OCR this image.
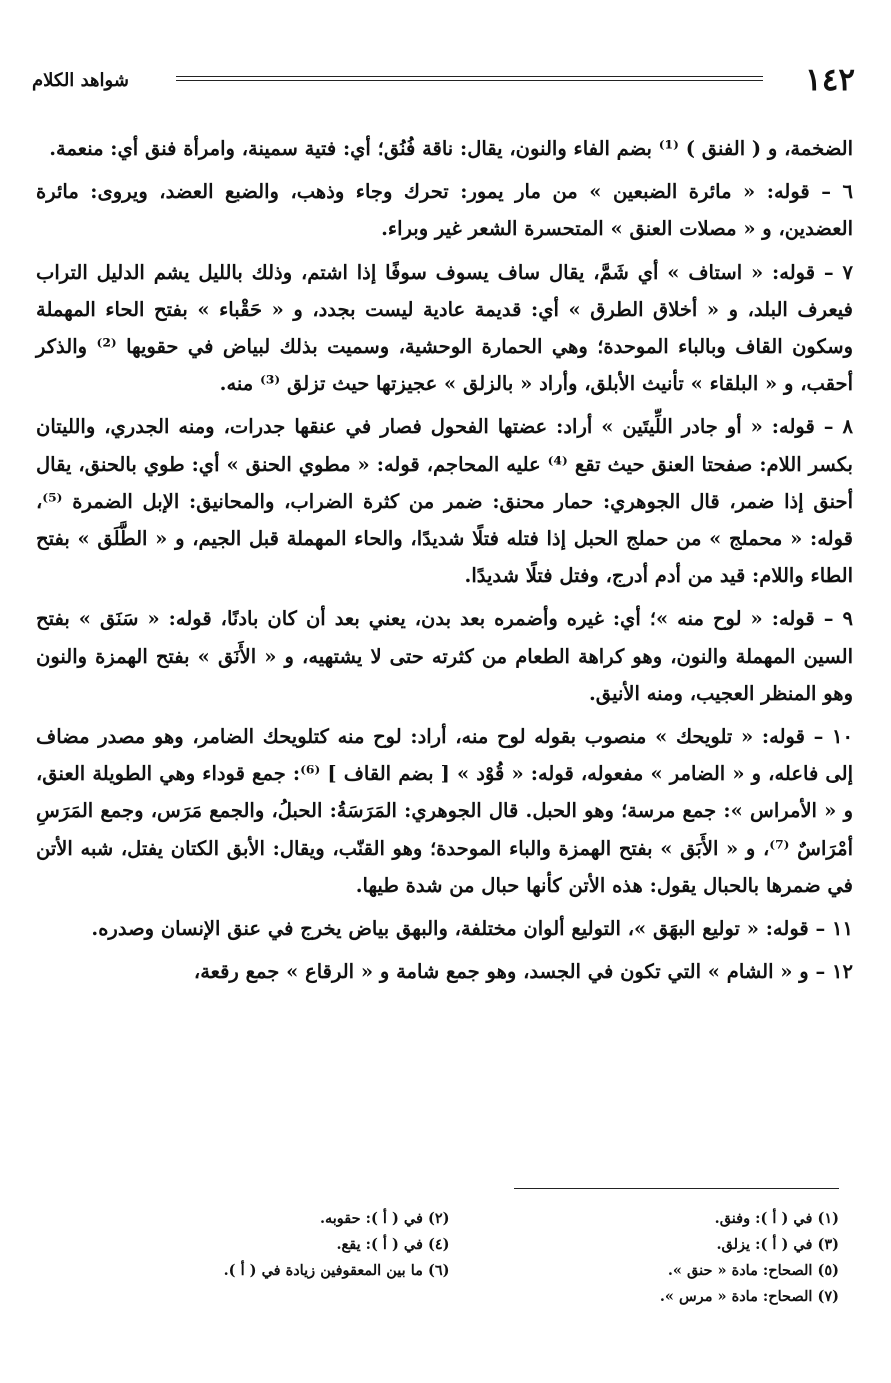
١٤٢
شواهد الكلام

الضخمة، و ( الفنق ) ⁽¹⁾ بضم الفاء والنون، يقال: ناقة فُنُق؛ أي: فتية سمينة، وامرأة فنق أي: منعمة.

٦ – قوله: « مائرة الضبعين » من مار يمور: تحرك وجاء وذهب، والضبع العضد، ويروى: مائرة العضدين، و « مصلات العنق » المتحسرة الشعر غير وبراء.

٧ – قوله: « استاف » أي شَمَّ، يقال ساف يسوف سوفًا إذا اشتم، وذلك بالليل يشم الدليل التراب فيعرف البلد، و « أخلاق الطرق » أي: قديمة عادية ليست بجدد، و « حَقْباء » بفتح الحاء المهملة وسكون القاف وبالباء الموحدة؛ وهي الحمارة الوحشية، وسميت بذلك لبياض في حقويها ⁽²⁾ والذكر أحقب، و « البلقاء » تأنيث الأبلق، وأراد « بالزلق » عجيزتها حيث تزلق ⁽³⁾ منه.

٨ – قوله: « أو جادر اللِّيتَين » أراد: عضتها الفحول فصار في عنقها جدرات، ومنه الجدري، والليتان بكسر اللام: صفحتا العنق حيث تقع ⁽⁴⁾ عليه المحاجم، قوله: « مطوي الحنق » أي: طوي بالحنق، يقال أحنق إذا ضمر، قال الجوهري: حمار محنق: ضمر من كثرة الضراب، والمحانيق: الإبل الضمرة ⁽⁵⁾، قوله: « محملج » من حملج الحبل إذا فتله فتلًا شديدًا، والحاء المهملة قبل الجيم، و « الطَّلَق » بفتح الطاء واللام: قيد من أدم أدرج، وفتل فتلًا شديدًا.

٩ – قوله: « لوح منه »؛ أي: غيره وأضمره بعد بدن، يعني بعد أن كان بادنًا، قوله: « سَنَق » بفتح السين المهملة والنون، وهو كراهة الطعام من كثرته حتى لا يشتهيه، و « الأَنَق » بفتح الهمزة والنون وهو المنظر العجيب، ومنه الأنيق.

١٠ – قوله: « تلويحك » منصوب بقوله لوح منه، أراد: لوح منه كتلويحك الضامر، وهو مصدر مضاف إلى فاعله، و « الضامر » مفعوله، قوله: « قُوْد » [ بضم القاف ] ⁽⁶⁾: جمع قوداء وهي الطويلة العنق، و « الأمراس »: جمع مرسة؛ وهو الحبل. قال الجوهري: المَرَسَةُ: الحبلُ، والجمع مَرَس، وجمع المَرَسِ أمْرَاسٌ ⁽⁷⁾، و « الأَبَق » بفتح الهمزة والباء الموحدة؛ وهو القنّب، ويقال: الأبق الكتان يفتل، شبه الأتن في ضمرها بالحبال يقول: هذه الأتن كأنها حبال من شدة طيها.

١١ – قوله: « توليع البهَق »، التوليع ألوان مختلفة، والبهق بياض يخرج في عنق الإنسان وصدره.

١٢ – و « الشام » التي تكون في الجسد، وهو جمع شامة و « الرقاع » جمع رقعة،

(١) في ( أ ): وفنق.
(٢) في ( أ ): حقوبه.
(٣) في ( أ ): يزلق.
(٤) في ( أ ): يقع.
(٥) الصحاح: مادة « حنق ».
(٦) ما بين المعقوفين زيادة في ( أ ).
(٧) الصحاح: مادة « مرس ».
